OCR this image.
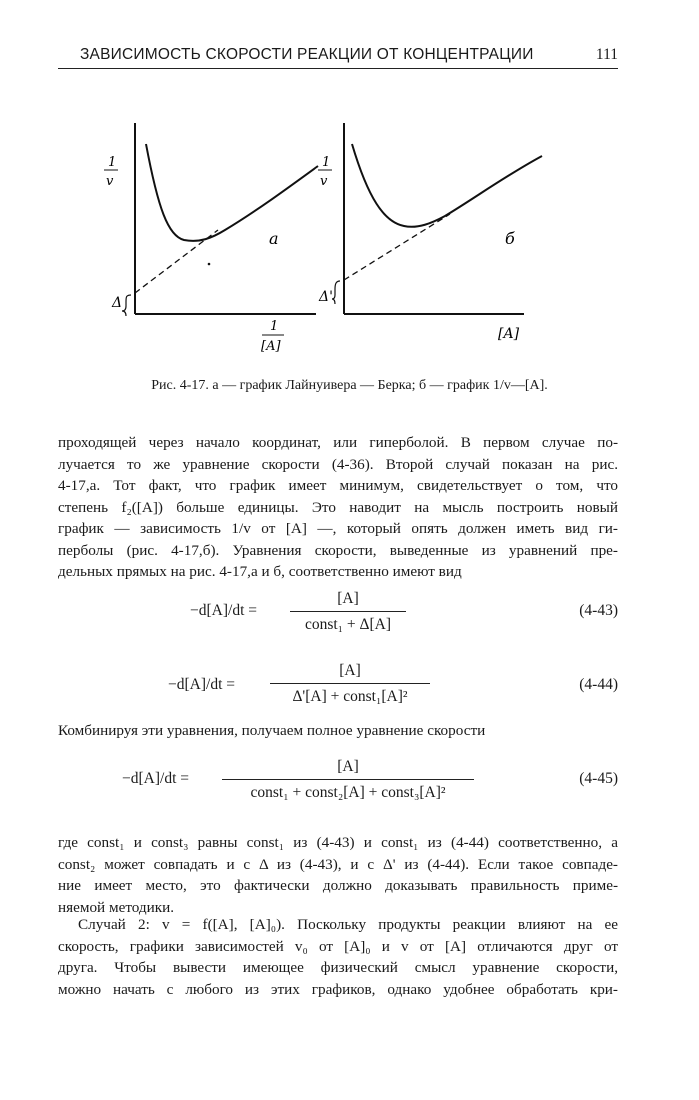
ЗАВИСИМОСТЬ СКОРОСТИ РЕАКЦИИ ОТ КОНЦЕНТРАЦИИ	111
Δ
а
1
v
1
[A]
Δ'
б
1
v
[A]
Рис. 4-17. а — график Лайнуивера — Берка; б — график 1/v—[A].
проходящей через начало координат, или гиперболой. В первом случае по-
лучается то же уравнение скорости (4-36). Второй случай показан на рис.
4-17,а. Тот факт, что график имеет минимум, свидетельствует о том, что
степень f₂([A]) больше единицы. Это наводит на мысль построить новый
график — зависимость 1/v от [A] —, который опять должен иметь вид ги-
перболы (рис. 4-17,б). Уравнения скорости, выведенные из уравнений пре-
дельных прямых на рис. 4-17,а и б, соответственно имеют вид
−d[A]/dt =
[A]
const₁ + Δ[A]
(4-43)
−d[A]/dt =
[A]
Δ'[A] + const₁[A]²
(4-44)
Комбинируя эти уравнения, получаем полное уравнение скорости
−d[A]/dt =
[A]
const₁ + const₂[A] + const₃[A]²
(4-45)
где const₁ и const₃ равны const₁ из (4-43) и const₁ из (4-44) соответственно, а
const₂ может совпадать и с Δ из (4-43), и с Δ' из (4-44). Если такое совпаде-
ние имеет место, это фактически должно доказывать правильность приме-
няемой методики.
Случай 2: v = f([A], [A]₀). Поскольку продукты реакции влияют на ее
скорость, графики зависимостей v₀ от [A]₀ и v от [A] отличаются друг от
друга. Чтобы вывести имеющее физический смысл уравнение скорости,
можно начать с любого из этих графиков, однако удобнее обработать кри-
